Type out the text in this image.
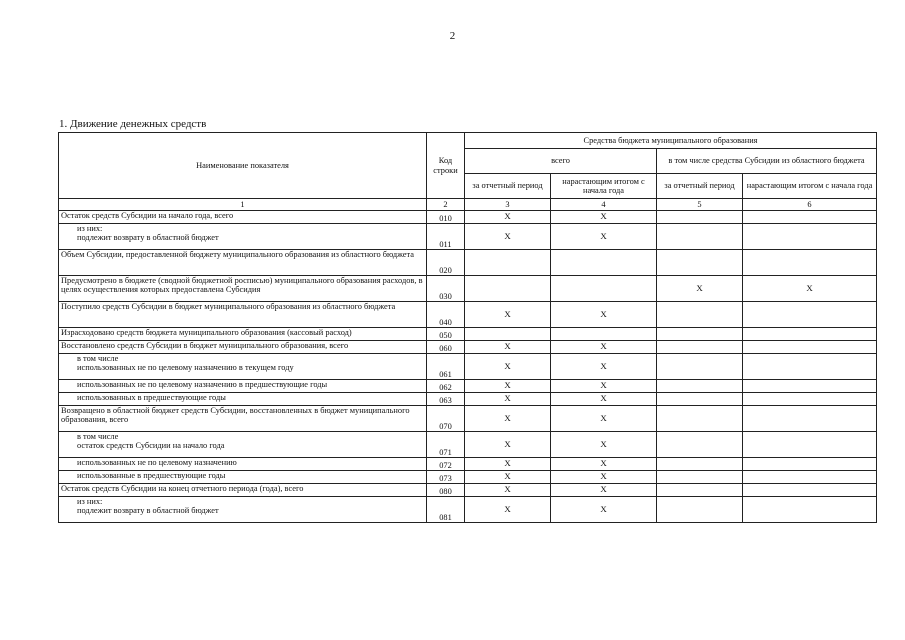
2
1. Движение денежных средств
Наименование показателя	Код строки	Средства бюджета муниципального образования			
		всего		в том числе средства Субсидии из областного бюджета	
		за отчетный период	нарастающим итогом с начала года	за отчетный период	нарастающим итогом с начала года
1	2	3	4	5	6
Остаток средств Субсидии на начало года, всего	010	Х	Х		

из них:
подлежит возврату в областной бюджет	011	Х	Х		
Объем Субсидии, предоставленной бюджету муниципального образования из областного бюджета	020				
Предусмотрено в бюджете (сводной бюджетной росписью) муниципального образования расходов, в целях осуществления которых предоставлена Субсидия	030			Х	Х
Поступило средств Субсидии в бюджет муниципального образования из областного бюджета	040	Х	Х		
Израсходовано средств бюджета муниципального образования (кассовый расход)	050				
Восстановлено средств Субсидии в бюджет муниципального образования, всего	060	Х	Х		

в том числе
использованных не по целевому назначению в текущем году	061	Х	Х		
использованных не по целевому назначению в предшествующие годы	062	Х	Х		
использованных в предшествующие годы	063	Х	Х		
Возвращено в областной бюджет средств Субсидии, восстановленных в бюджет муниципального образования, всего	070	Х	Х		

в том числе
остаток средств Субсидии на начало года	071	Х	Х		
использованных не по целевому назначению	072	Х	Х		
использованные в предшествующие годы	073	Х	Х		
Остаток средств Субсидии на конец отчетного периода (года), всего	080	Х	Х		

из них:
подлежит возврату в областной бюджет	081	Х	Х		
